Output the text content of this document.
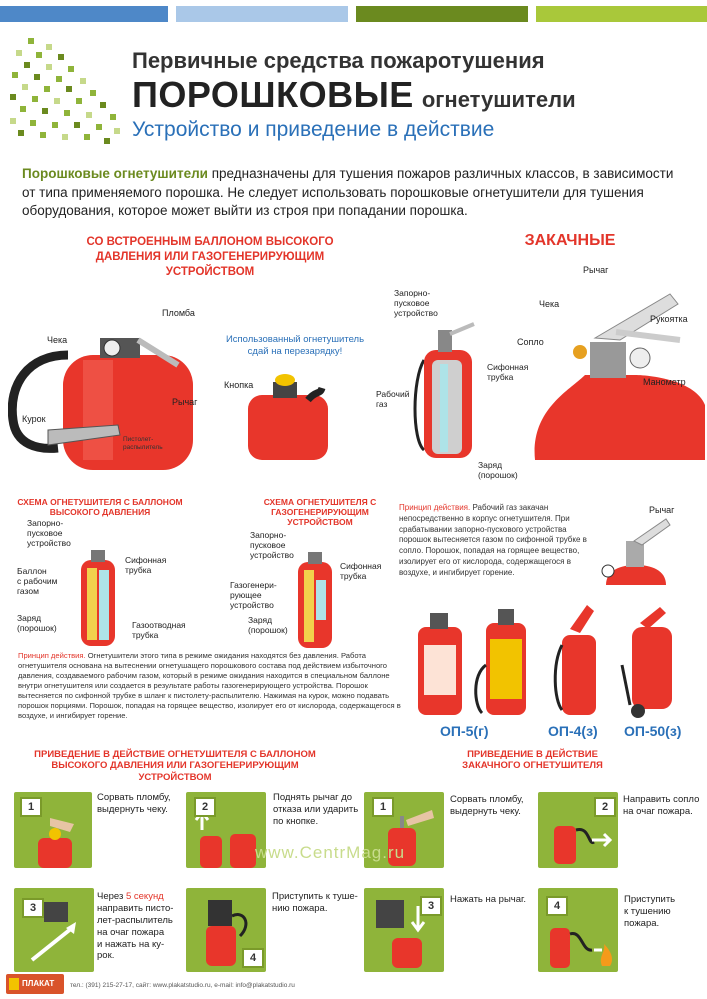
Первичные средства пожаротушения
ПОРОШКОВЫЕ огнетушители
Устройство и приведение в действие
Порошковые огнетушители предназначены для тушения пожаров различных классов, в зависимости от типа применяемого порошка. Не следует использовать порошковые огнетушители для тушения оборудования, которое может выйти из строя при попадании порошка.
СО ВСТРОЕННЫМ БАЛЛОНОМ ВЫСОКОГО ДАВЛЕНИЯ ИЛИ ГАЗОГЕНЕРИРУЮЩИМ УСТРОЙСТВОМ
Чека
Пломба
Курок
Рычаг
Пистолет-
распылитель
Использованный огнетушитель сдай на перезарядку!
Кнопка
СХЕМА ОГНЕТУШИТЕЛЯ С БАЛЛОНОМ ВЫСОКОГО ДАВЛЕНИЯ
СХЕМА ОГНЕТУШИТЕЛЯ С ГАЗОГЕНЕРИРУЮЩИМ УСТРОЙСТВОМ
Запорно-
пусковое
устройство
Сифонная
трубка
Баллон
с рабочим
газом
Заряд
(порошок)	Газоотводная
трубка
Запорно-
пусковое
устройство
Сифонная
трубка
Газогенери-
рующее
устройство
Заряд
(порошок)
Принцип действия. Огнетушители этого типа в режиме ожидания находятся без давления. Работа огнетушителя основана на вытеснении огнетушащего порошкового состава под действием избыточного давления, создаваемого рабочим газом, который в режиме ожидания находится в специальном баллоне внутри огнетушителя или создается в результате работы газогенерирующего устройства. Порошок вытесняется по сифонной трубке в шланг к пистолету-распылителю. Нажимая на курок, можно подавать порошок порциями. Порошок, попадая на горящее вещество, изолирует его от кислорода, содержащегося в воздухе, и ингибирует горение.
ЗАКАЧНЫЕ
Запорно-
пусковое
устройство
Сифонная
трубка
Рабочий
газ
Заряд
(порошок)
Рычаг
Чека
Рукоятка
Сопло
Манометр
Рычаг
Принцип действия. Рабочий газ закачан непосредственно в корпус огнетушителя. При срабатывании запорно-пускового устройства порошок вытесняется газом по сифонной трубке в сопло. Порошок, попадая на горящее вещество, изолирует его от кислорода, содержащегося в воздухе, и ингибирует горение.
ОП-5(г)	ОП-4(з) ОП-50(з)
ПРИВЕДЕНИЕ В ДЕЙСТВИЕ ОГНЕТУШИТЕЛЯ С БАЛЛОНОМ ВЫСОКОГО ДАВЛЕНИЯ ИЛИ ГАЗОГЕНЕРИРУЮЩИМ УСТРОЙСТВОМ
ПРИВЕДЕНИЕ В ДЕЙСТВИЕ ЗАКАЧНОГО ОГНЕТУШИТЕЛЯ
1
Сорвать пломбу,
выдернуть чеку.	2
Поднять рычаг до
отказа или ударить
по кнопке.
3
Через 5 секунд
направить писто-
лет-распылитель
на очаг пожара
и нажать на ку-
рок.	4
Приступить к туше-
нию пожара.
1
Сорвать пломбу,
выдернуть чеку.	2
Направить сопло
на очаг пожара.
3
Нажать на рычаг.
4
Приступить
к тушению
пожара.
www.CentrMag.ru
ПЛАКАТ тел.: (391) 215-27-17, сайт: www.plakatstudio.ru, e-mail: info@plakatstudio.ru
